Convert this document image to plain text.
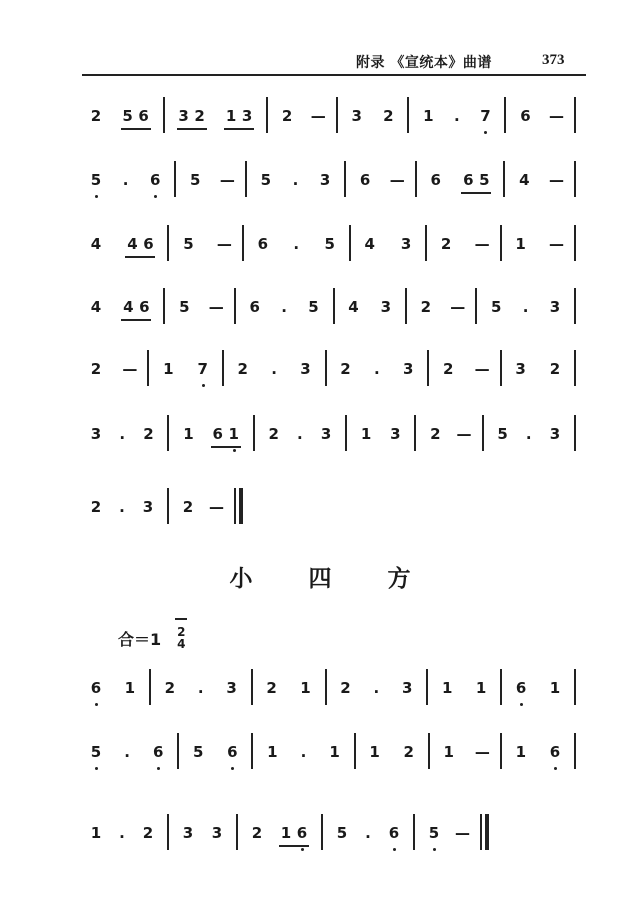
附录 《宣统本》曲谱	373
2 5 6 3 2 1 3 2 — 3 2 1 . 7 6 —
5 . 6 5 — 5 . 3 6 — 6 6 5 4 —
4 4 6 5 — 6 . 5 4 3 2 — 1 —
4 4 6 5 — 6 . 5 4 3 2 — 5 . 3
2 — 1 7 2 . 3 2 . 3 2 — 3 2
3 . 2 1 6 1 2 . 3 1 3 2 — 5 . 3
2 . 3 2 —
小 四 方
合＝1 2
4
6 1 2 . 3 2 1 2 . 3 1 1 6 1
5 . 6 5 6 1 . 1 1 2 1 — 1 6
1 . 2 3 3 2 1 6 5 . 6 5 —
